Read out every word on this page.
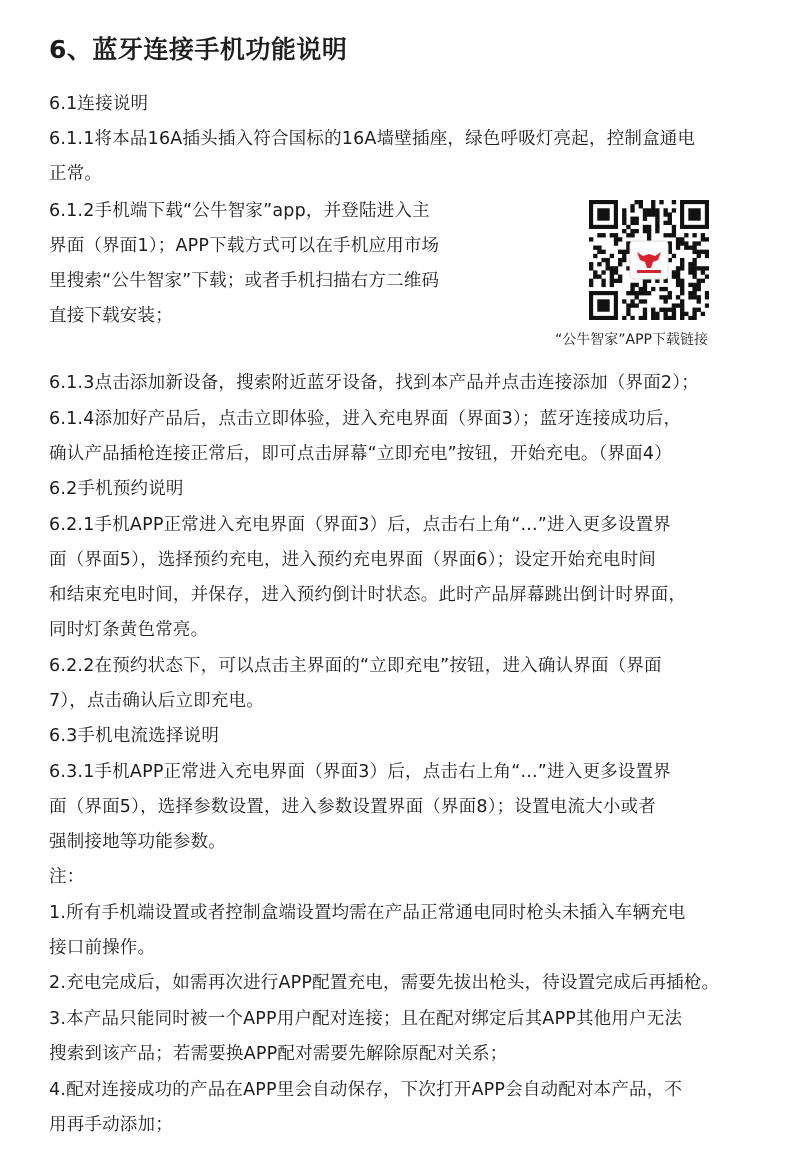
6、蓝牙连接手机功能说明
6.1连接说明
6.1.1将本品16A插头插入符合国标的16A墙壁插座，绿色呼吸灯亮起，控制盒通电
正常。
6.1.2手机端下载“公牛智家”app，并登陆进入主
界面（界面1）；APP下载方式可以在手机应用市场
里搜索“公牛智家”下载；或者手机扫描右方二维码
直接下载安装；
6.1.3点击添加新设备，搜索附近蓝牙设备，找到本产品并点击连接添加（界面2）；
6.1.4添加好产品后，点击立即体验，进入充电界面（界面3）；蓝牙连接成功后，
确认产品插枪连接正常后，即可点击屏幕“立即充电”按钮，开始充电。（界面4）
6.2手机预约说明
6.2.1手机APP正常进入充电界面（界面3）后，点击右上角“...”进入更多设置界
面（界面5），选择预约充电，进入预约充电界面（界面6）；设定开始充电时间
和结束充电时间，并保存，进入预约倒计时状态。此时产品屏幕跳出倒计时界面，
同时灯条黄色常亮。
6.2.2在预约状态下，可以点击主界面的“立即充电”按钮，进入确认界面（界面
7），点击确认后立即充电。
6.3手机电流选择说明
6.3.1手机APP正常进入充电界面（界面3）后，点击右上角“...”进入更多设置界
面（界面5），选择参数设置，进入参数设置界面（界面8）；设置电流大小或者
强制接地等功能参数。
注：
1.所有手机端设置或者控制盒端设置均需在产品正常通电同时枪头未插入车辆充电
接口前操作。
2.充电完成后，如需再次进行APP配置充电，需要先拔出枪头，待设置完成后再插枪。
3.本产品只能同时被一个APP用户配对连接；且在配对绑定后其APP其他用户无法
搜索到该产品；若需要换APP配对需要先解除原配对关系；
4.配对连接成功的产品在APP里会自动保存，下次打开APP会自动配对本产品，不
用再手动添加；
“公牛智家”APP下载链接
